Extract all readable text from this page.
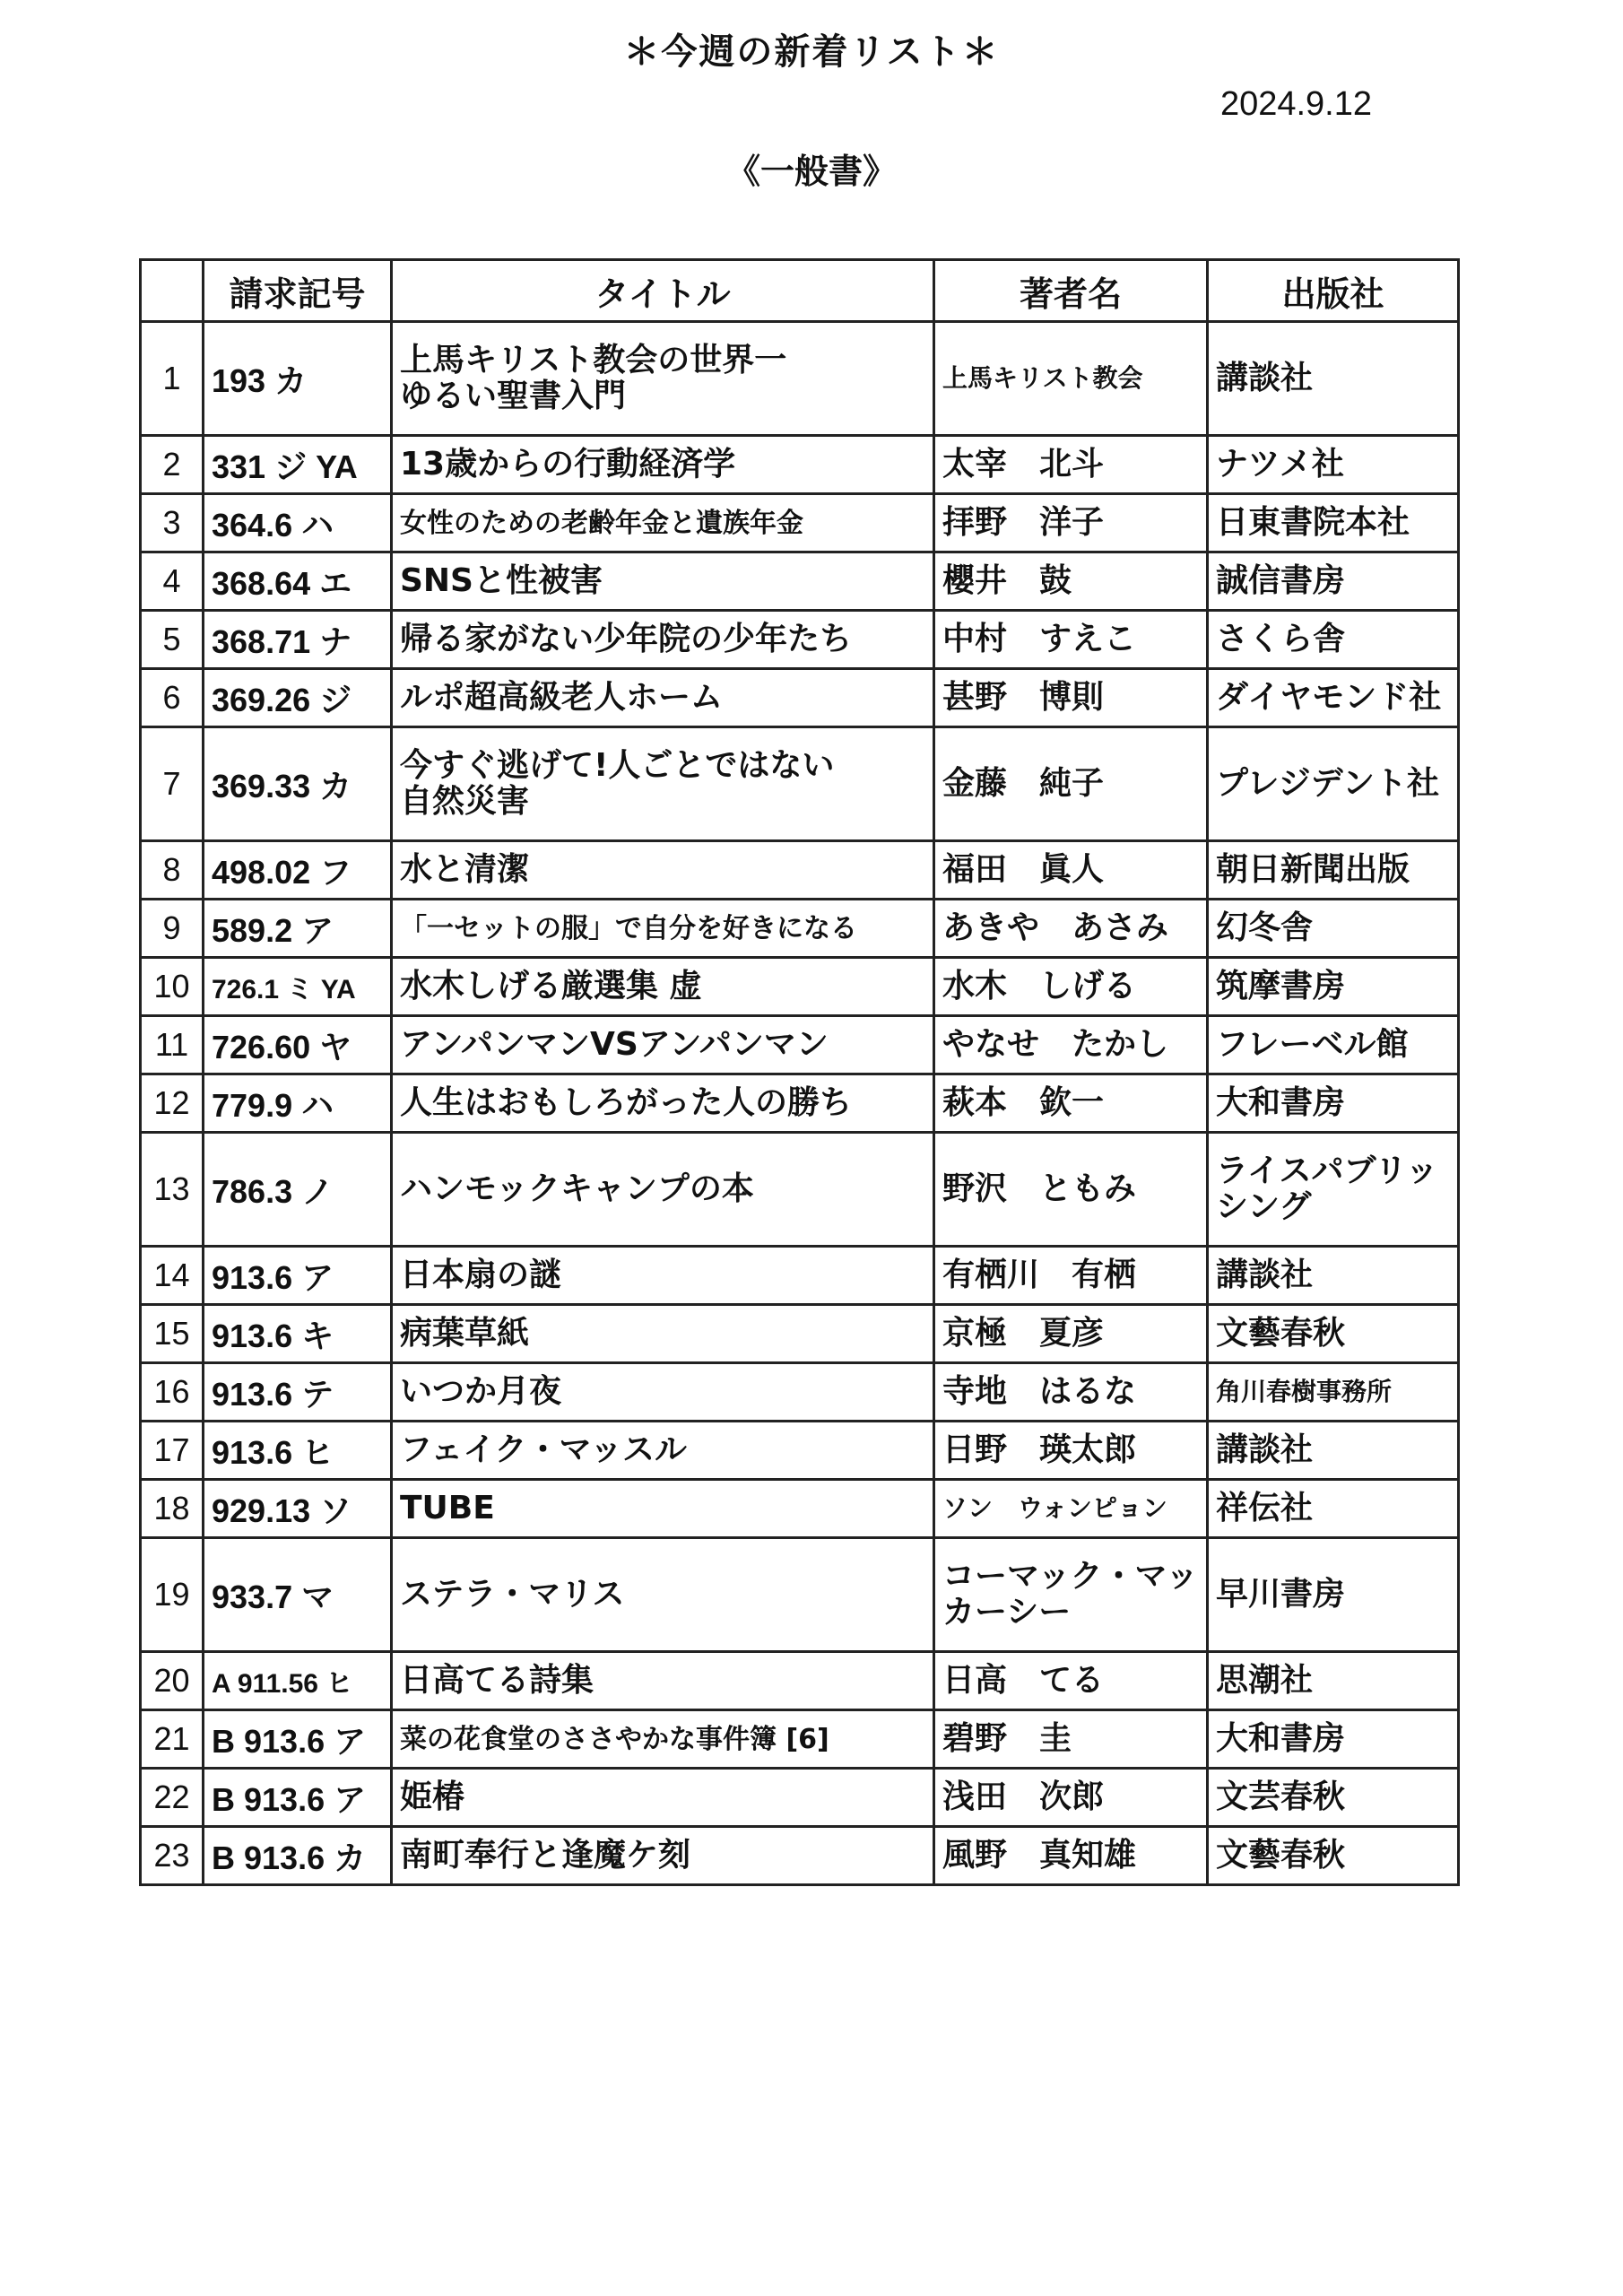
＊今週の新着リスト＊
2024.9.12
《一般書》
	請求記号	タイトル	著者名	出版社
1	193 カ	上馬キリスト教会の世界一
ゆるい聖書入門	上馬キリスト教会	講談社
2	331 ジ YA	13歳からの行動経済学	太宰　北斗	ナツメ社
3	364.6 ハ	女性のための老齢年金と遺族年金	拝野　洋子	日東書院本社
4	368.64 エ	SNSと性被害	櫻井　鼓	誠信書房
5	368.71 ナ	帰る家がない少年院の少年たち	中村　すえこ	さくら舎
6	369.26 ジ	ルポ超高級老人ホーム	甚野　博則	ダイヤモンド社
7	369.33 カ	今すぐ逃げて!人ごとではない
自然災害	金藤　純子	プレジデント社
8	498.02 フ	水と清潔	福田　眞人	朝日新聞出版
9	589.2 ア	「一セットの服」で自分を好きになる	あきや　あさみ	幻冬舎
10	726.1 ミ YA	水木しげる厳選集 虚	水木　しげる	筑摩書房
11	726.60 ヤ	アンパンマンVSアンパンマン	やなせ　たかし	フレーベル館
12	779.9 ハ	人生はおもしろがった人の勝ち	萩本　欽一	大和書房
13	786.3 ノ	ハンモックキャンプの本	野沢　ともみ	ライスパブリッ
シング
14	913.6 ア	日本扇の謎	有栖川　有栖	講談社
15	913.6 キ	病葉草紙	京極　夏彦	文藝春秋
16	913.6 テ	いつか月夜	寺地　はるな	角川春樹事務所
17	913.6 ヒ	フェイク・マッスル	日野　瑛太郎	講談社
18	929.13 ソ	TUBE	ソン　ウォンピョン	祥伝社
19	933.7 マ	ステラ・マリス	コーマック・マッ
カーシー	早川書房
20	A 911.56 ヒ	日高てる詩集	日高　てる	思潮社
21	B 913.6 ア	菜の花食堂のささやかな事件簿 [6]	碧野　圭	大和書房
22	B 913.6 ア	姫椿	浅田　次郎	文芸春秋
23	B 913.6 カ	南町奉行と逢魔ケ刻	風野　真知雄	文藝春秋
